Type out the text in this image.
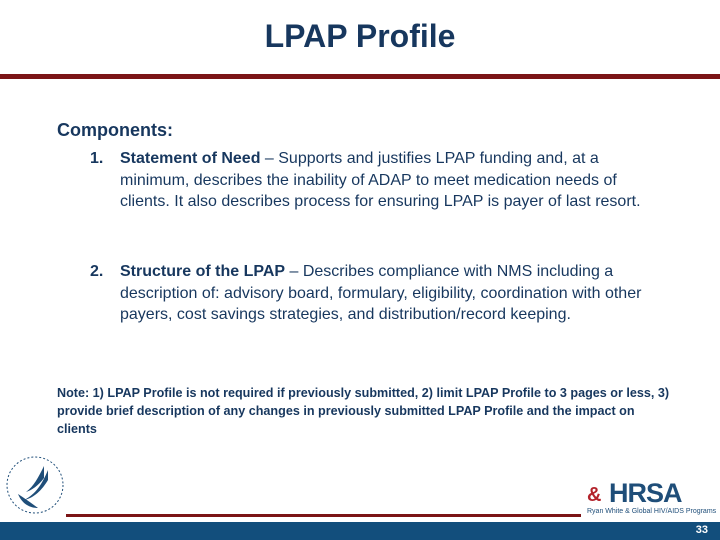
LPAP Profile
Components:
1. Statement of Need – Supports and justifies LPAP funding and, at a minimum, describes the inability of ADAP to meet medication needs of clients. It also describes process for ensuring LPAP is payer of last resort.
2. Structure of the LPAP – Describes compliance with NMS including a description of: advisory board, formulary, eligibility, coordination with other payers, cost savings strategies, and distribution/record keeping.
Note: 1) LPAP Profile is not required if previously submitted, 2) limit LPAP Profile to 3 pages or less, 3) provide brief description of any changes in previously submitted LPAP Profile and the impact on clients
& HRSA
Ryan White & Global HIV/AIDS Programs
33
